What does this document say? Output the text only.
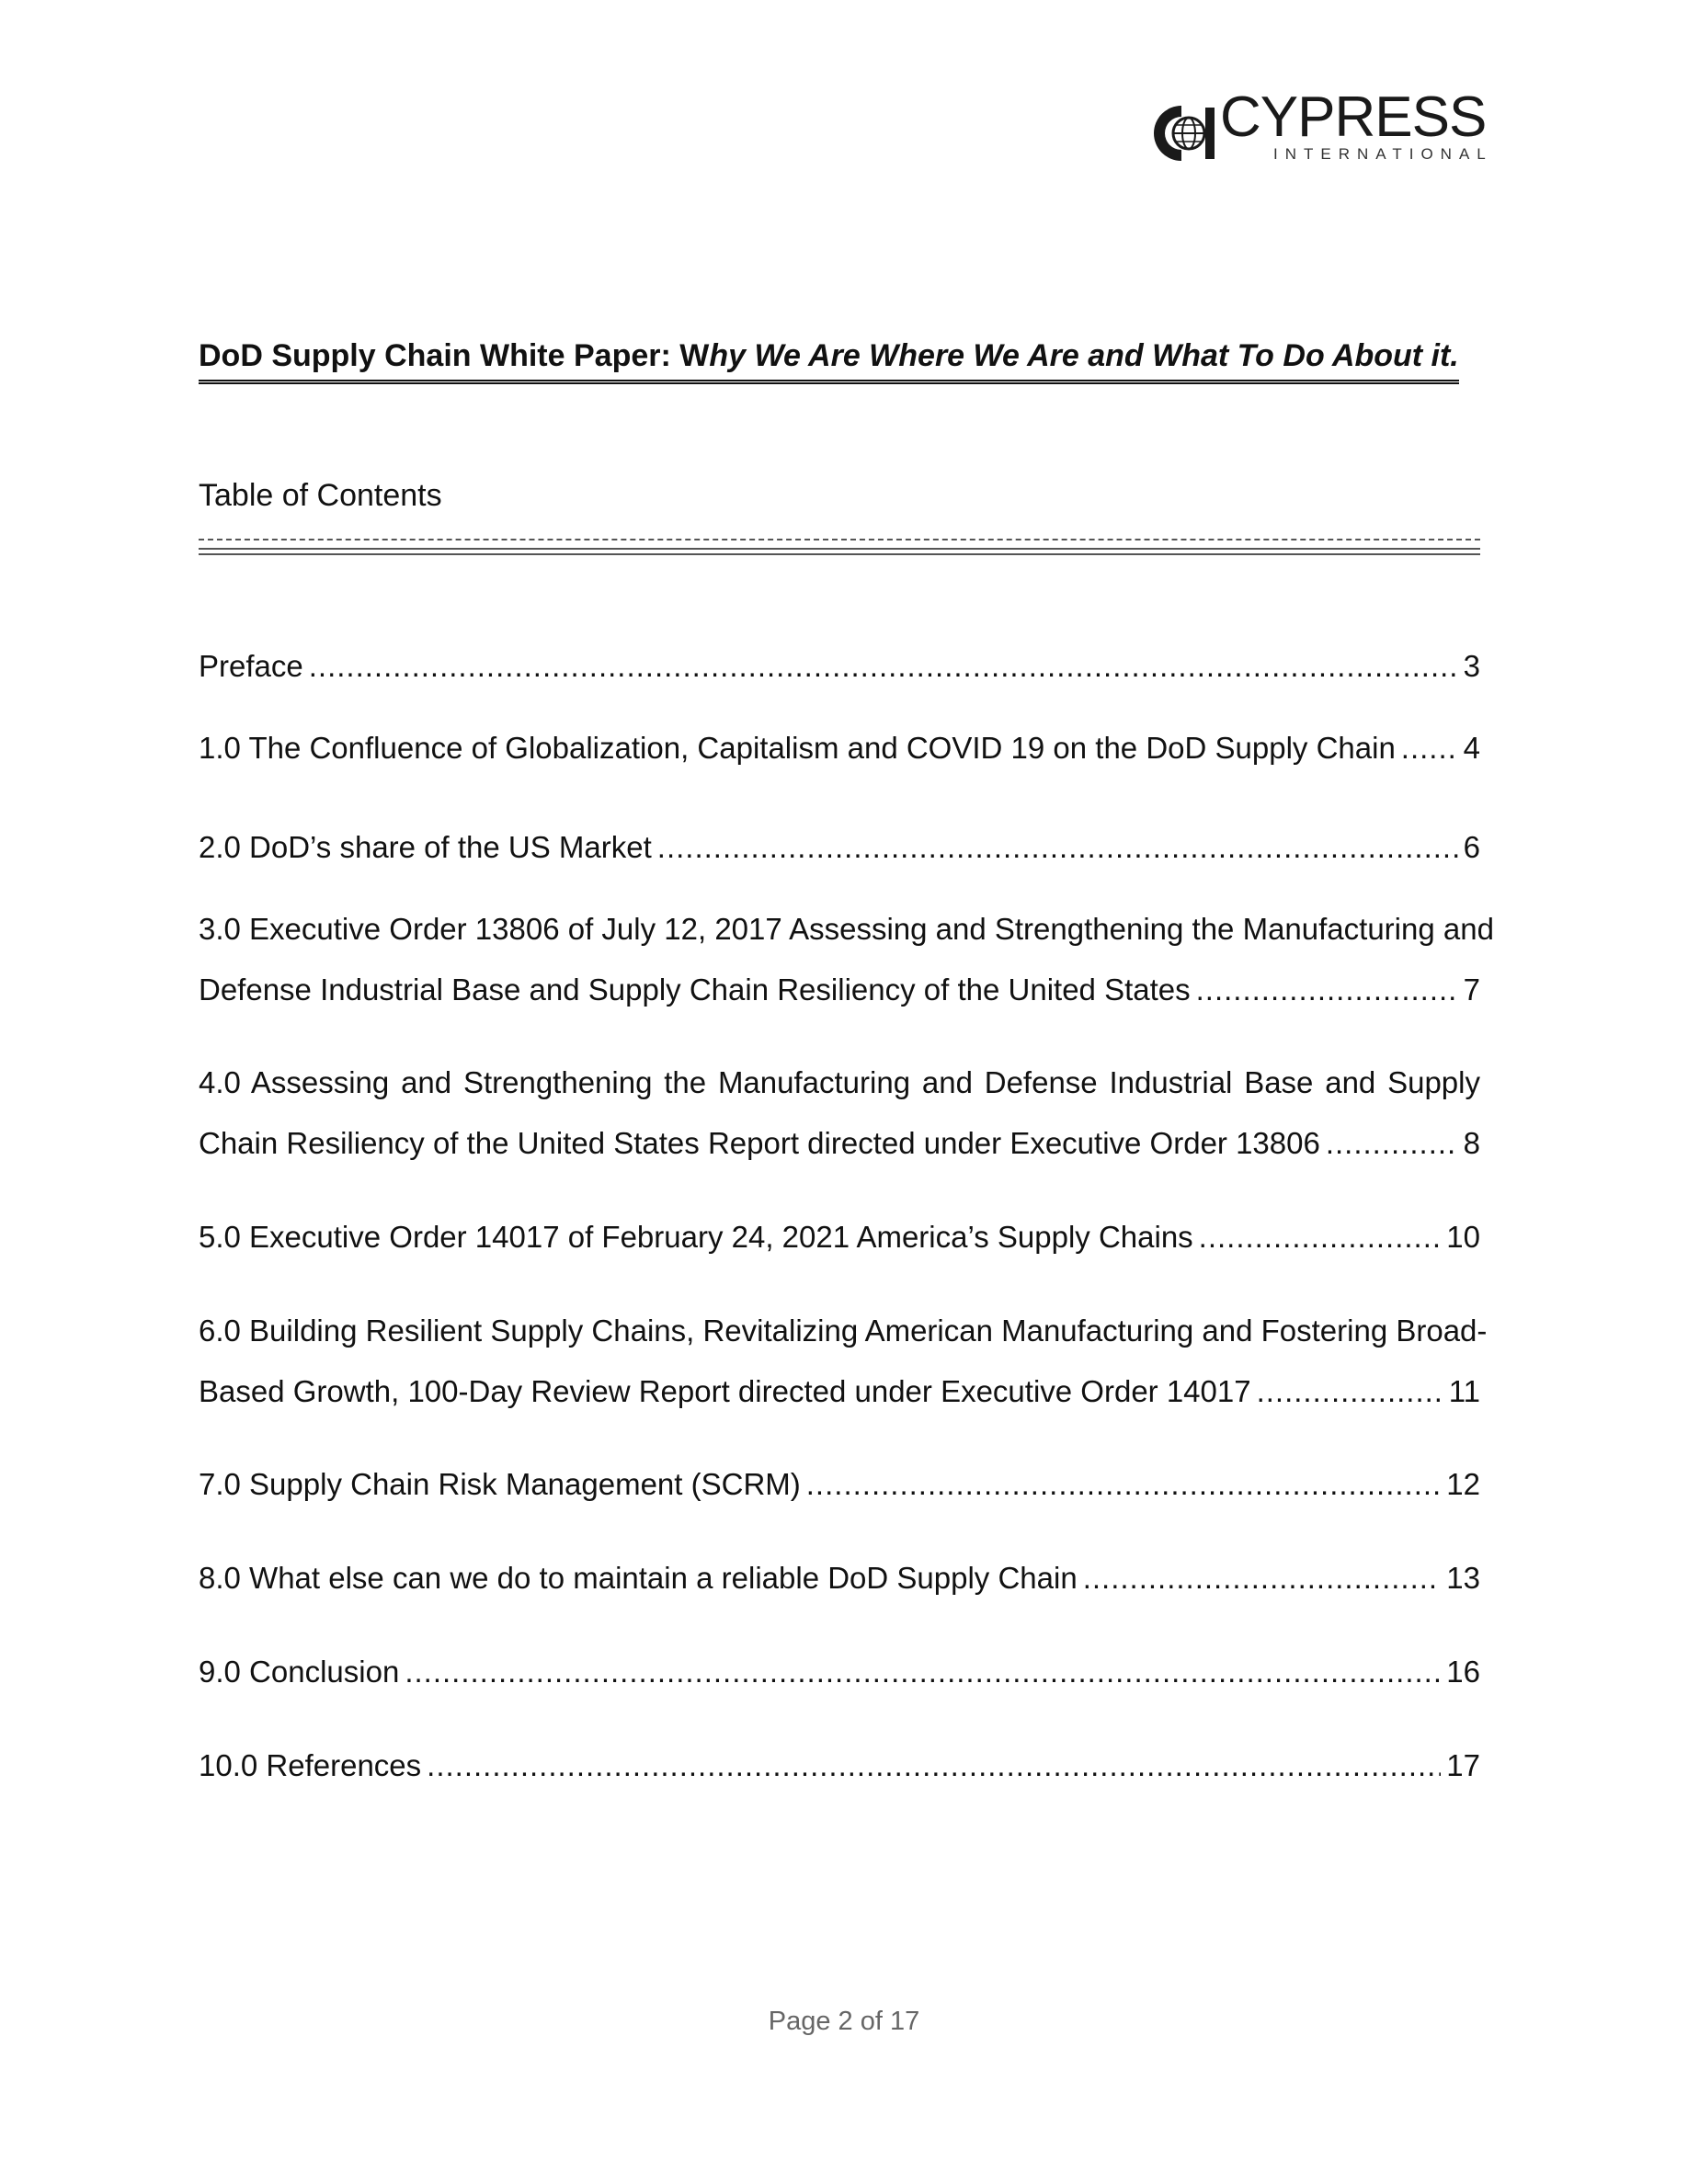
CYPRESS
INTERNATIONAL
DoD Supply Chain White Paper: Why We Are Where We Are and What To Do About it.
Table of Contents
Preface .....	3
1.0 The Confluence of Globalization, Capitalism and COVID 19 on the DoD Supply Chain ..... 4
2.0 DoD’s share of the US Market .....	6
3.0 Executive Order 13806 of July 12, 2017 Assessing and Strengthening the Manufacturing and
Defense Industrial Base and Supply Chain Resiliency of the United States .....	7
4.0 Assessing and Strengthening the Manufacturing and Defense Industrial Base and Supply
Chain Resiliency of the United States Report directed under Executive Order 13806 .....	8
5.0 Executive Order 14017 of February 24, 2021 America’s Supply Chains .....	10
6.0 Building Resilient Supply Chains, Revitalizing American Manufacturing and Fostering Broad-
Based Growth, 100-Day Review Report directed under Executive Order 14017 .....	11
7.0 Supply Chain Risk Management (SCRM) .....	12
8.0 What else can we do to maintain a reliable DoD Supply Chain .....	13
9.0 Conclusion .....	16
10.0 References .....	17
Page 2 of 17
